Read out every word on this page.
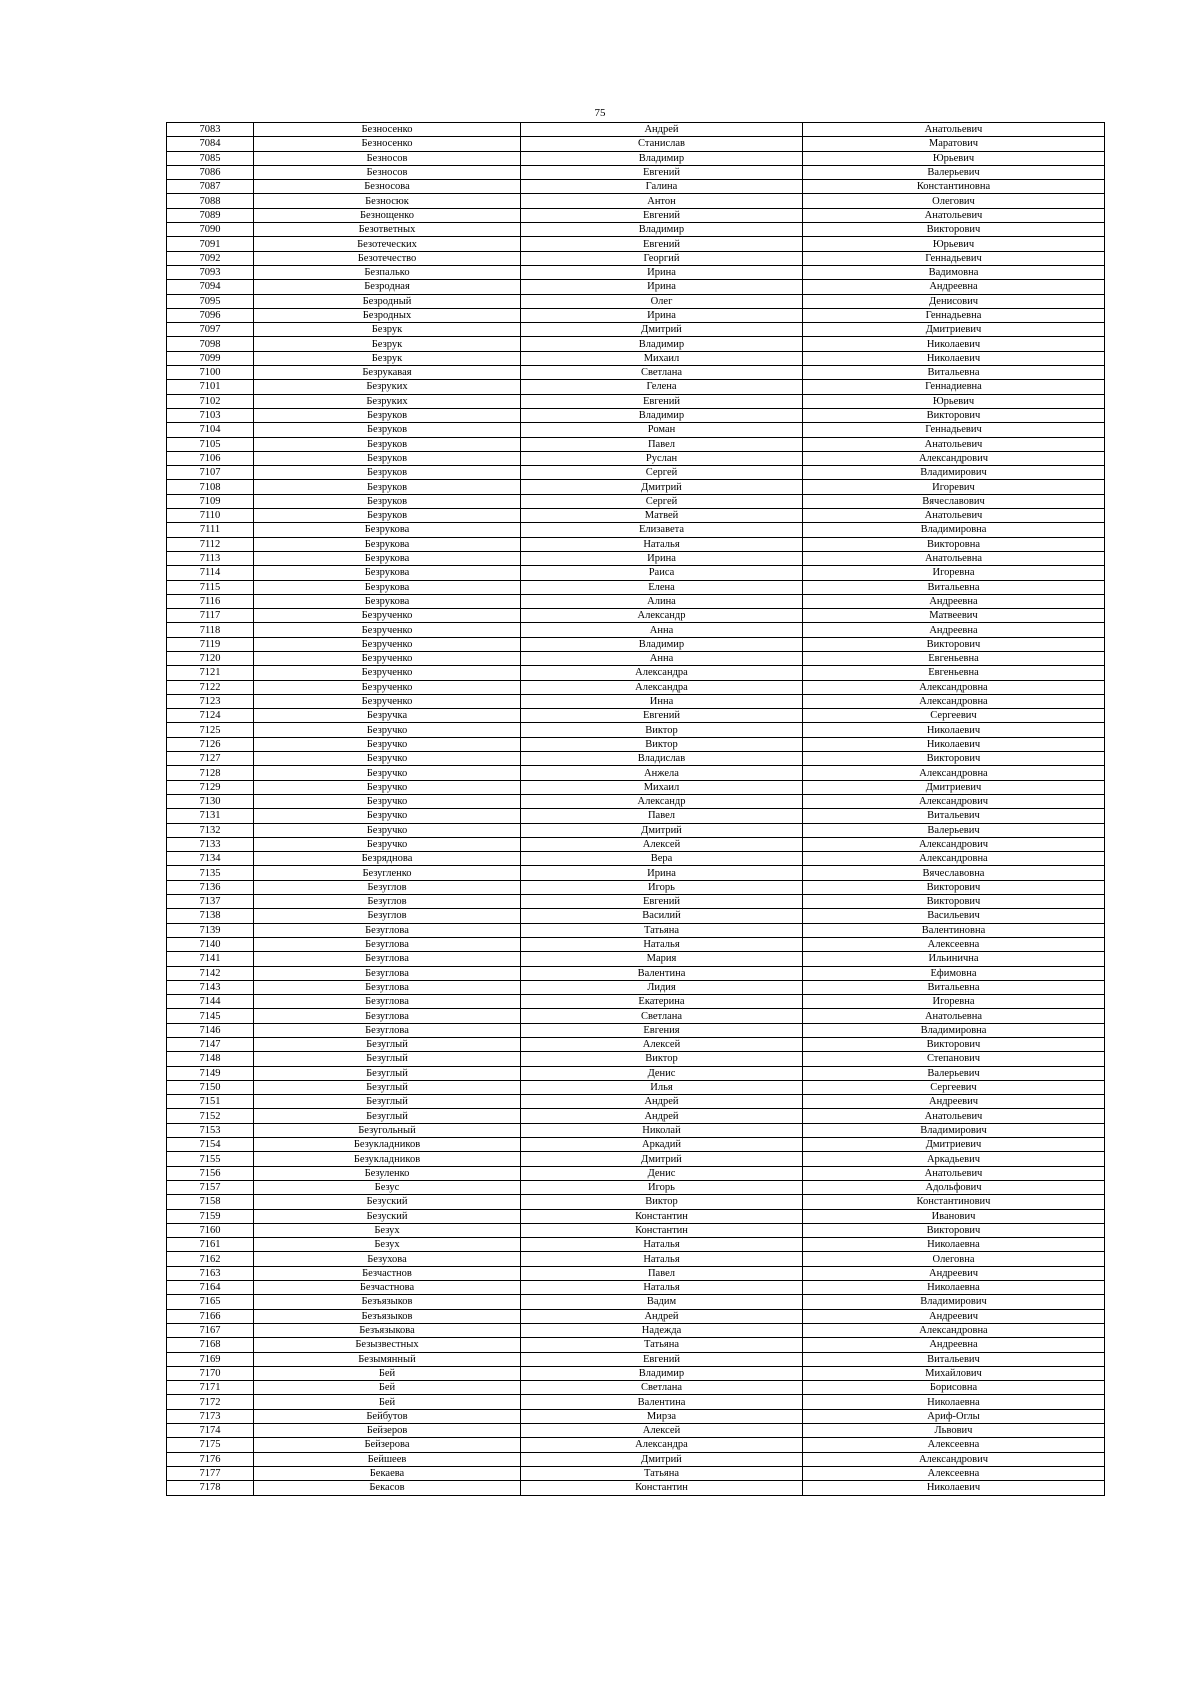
75
7083	Безносенко	Андрей	Анатольевич
7084	Безносенко	Станислав	Маратович
7085	Безносов	Владимир	Юрьевич
7086	Безносов	Евгений	Валерьевич
7087	Безносова	Галина	Константиновна
7088	Безносюк	Антон	Олегович
7089	Безнощенко	Евгений	Анатольевич
7090	Безответных	Владимир	Викторович
7091	Безотеческих	Евгений	Юрьевич
7092	Безотечество	Георгий	Геннадьевич
7093	Безпалько	Ирина	Вадимовна
7094	Безродная	Ирина	Андреевна
7095	Безродный	Олег	Денисович
7096	Безродных	Ирина	Геннадьевна
7097	Безрук	Дмитрий	Дмитриевич
7098	Безрук	Владимир	Николаевич
7099	Безрук	Михаил	Николаевич
7100	Безрукавая	Светлана	Витальевна
7101	Безруких	Гелена	Геннадиевна
7102	Безруких	Евгений	Юрьевич
7103	Безруков	Владимир	Викторович
7104	Безруков	Роман	Геннадьевич
7105	Безруков	Павел	Анатольевич
7106	Безруков	Руслан	Александрович
7107	Безруков	Сергей	Владимирович
7108	Безруков	Дмитрий	Игоревич
7109	Безруков	Сергей	Вячеславович
7110	Безруков	Матвей	Анатольевич
7111	Безрукова	Елизавета	Владимировна
7112	Безрукова	Наталья	Викторовна
7113	Безрукова	Ирина	Анатольевна
7114	Безрукова	Раиса	Игоревна
7115	Безрукова	Елена	Витальевна
7116	Безрукова	Алина	Андреевна
7117	Безрученко	Александр	Матвеевич
7118	Безрученко	Анна	Андреевна
7119	Безрученко	Владимир	Викторович
7120	Безрученко	Анна	Евгеньевна
7121	Безрученко	Александра	Евгеньевна
7122	Безрученко	Александра	Александровна
7123	Безрученко	Инна	Александровна
7124	Безручка	Евгений	Сергеевич
7125	Безручко	Виктор	Николаевич
7126	Безручко	Виктор	Николаевич
7127	Безручко	Владислав	Викторович
7128	Безручко	Анжела	Александровна
7129	Безручко	Михаил	Дмитриевич
7130	Безручко	Александр	Александрович
7131	Безручко	Павел	Витальевич
7132	Безручко	Дмитрий	Валерьевич
7133	Безручко	Алексей	Александрович
7134	Безряднова	Вера	Александровна
7135	Безугленко	Ирина	Вячеславовна
7136	Безуглов	Игорь	Викторович
7137	Безуглов	Евгений	Викторович
7138	Безуглов	Василий	Васильевич
7139	Безуглова	Татьяна	Валентиновна
7140	Безуглова	Наталья	Алексеевна
7141	Безуглова	Мария	Ильинична
7142	Безуглова	Валентина	Ефимовна
7143	Безуглова	Лидия	Витальевна
7144	Безуглова	Екатерина	Игоревна
7145	Безуглова	Светлана	Анатольевна
7146	Безуглова	Евгения	Владимировна
7147	Безуглый	Алексей	Викторович
7148	Безуглый	Виктор	Степанович
7149	Безуглый	Денис	Валерьевич
7150	Безуглый	Илья	Сергеевич
7151	Безуглый	Андрей	Андреевич
7152	Безуглый	Андрей	Анатольевич
7153	Безугольный	Николай	Владимирович
7154	Безукладников	Аркадий	Дмитриевич
7155	Безукладников	Дмитрий	Аркадьевич
7156	Безуленко	Денис	Анатольевич
7157	Безус	Игорь	Адольфович
7158	Безуский	Виктор	Константинович
7159	Безуский	Константин	Иванович
7160	Безух	Константин	Викторович
7161	Безух	Наталья	Николаевна
7162	Безухова	Наталья	Олеговна
7163	Безчастнов	Павел	Андреевич
7164	Безчастнова	Наталья	Николаевна
7165	Безъязыков	Вадим	Владимирович
7166	Безъязыков	Андрей	Андреевич
7167	Безъязыкова	Надежда	Александровна
7168	Безызвестных	Татьяна	Андреевна
7169	Безымянный	Евгений	Витальевич
7170	Бей	Владимир	Михайлович
7171	Бей	Светлана	Борисовна
7172	Бей	Валентина	Николаевна
7173	Бейбутов	Мирза	Ариф-Оглы
7174	Бейзеров	Алексей	Львович
7175	Бейзерова	Александра	Алексеевна
7176	Бейшеев	Дмитрий	Александрович
7177	Бекаева	Татьяна	Алексеевна
7178	Бекасов	Константин	Николаевич
